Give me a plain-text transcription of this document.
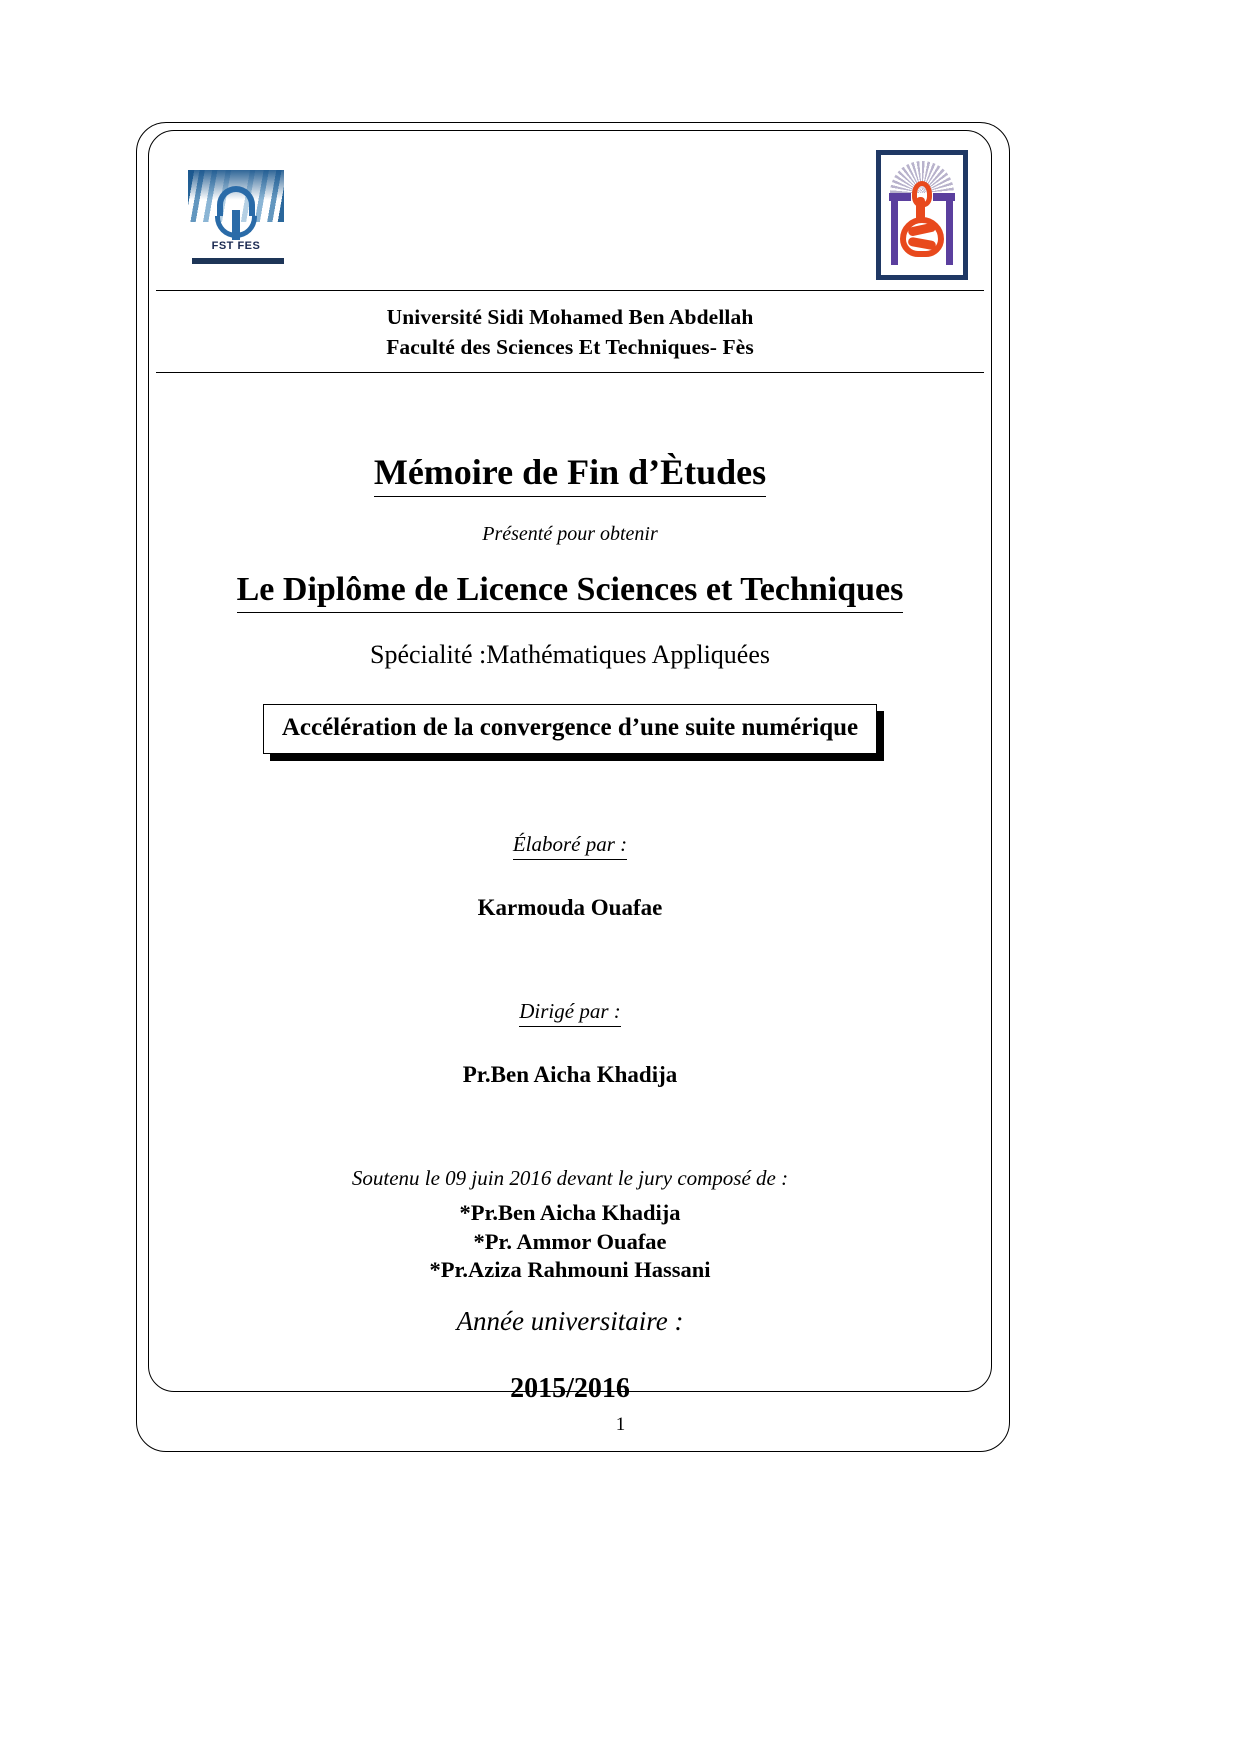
FST FES
Université Sidi Mohamed Ben Abdellah
Faculté des Sciences Et Techniques- Fès
Mémoire de Fin d’Ètudes
Présenté pour obtenir
Le Diplôme de Licence Sciences et Techniques
Spécialité :Mathématiques Appliquées
Accélération de la convergence d’une suite numérique
Élaboré par :
Karmouda Ouafae
Dirigé par :
Pr.Ben Aicha Khadija
Soutenu le 09 juin 2016 devant le jury composé de :
*Pr.Ben Aicha Khadija
*Pr. Ammor Ouafae
*Pr.Aziza Rahmouni Hassani
Année universitaire :
2015/2016
1
